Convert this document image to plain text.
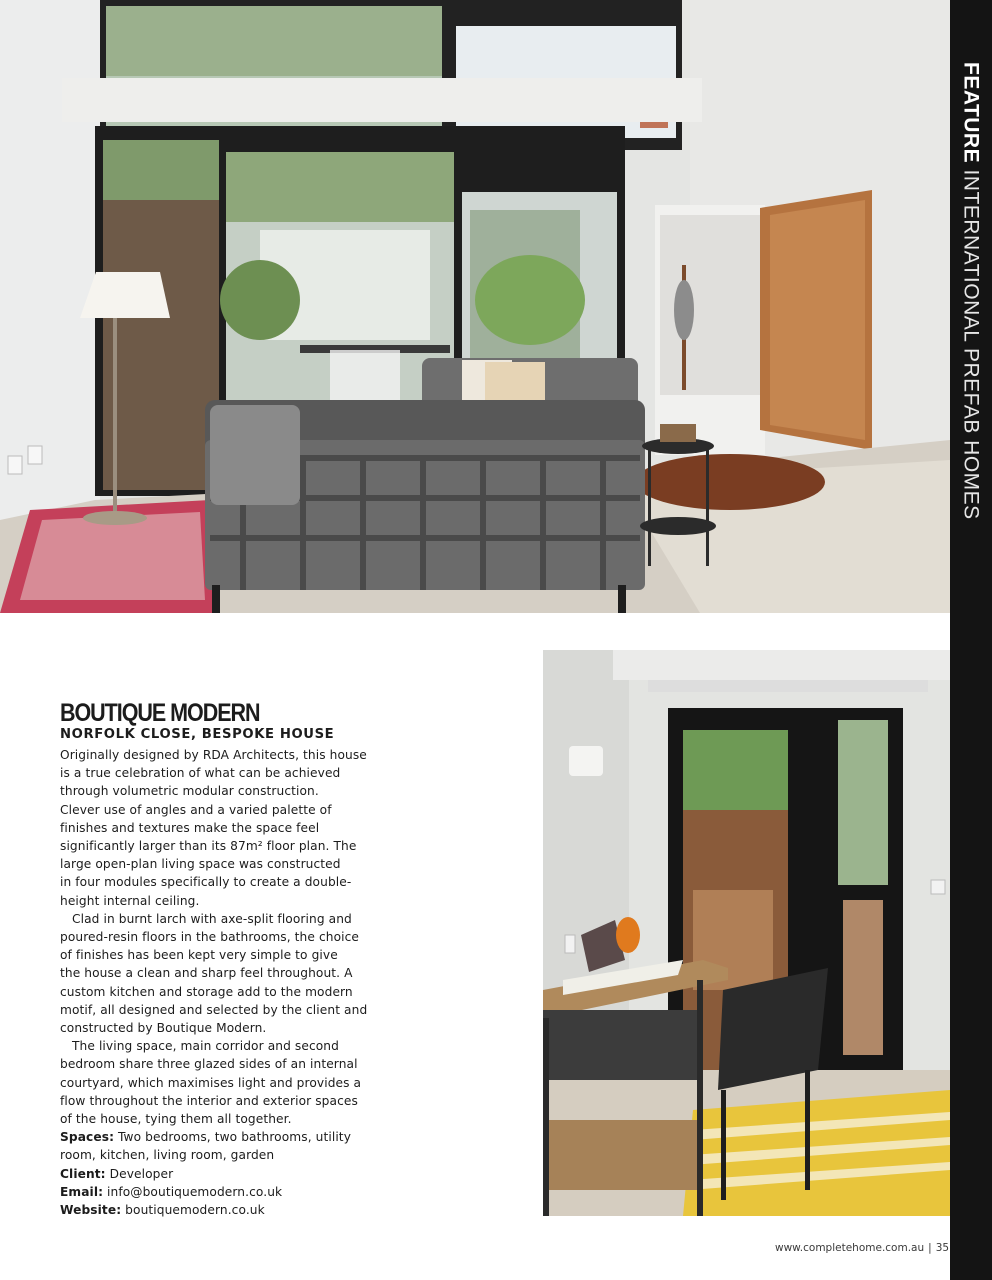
FEATURE INTERNATIONAL PREFAB HOMES
BOUTIQUE MODERN
NORFOLK CLOSE, BESPOKE HOUSE

Originally designed by RDA Architects, this house
is a true celebration of what can be achieved
through volumetric modular construction.
Clever use of angles and a varied palette of
finishes and textures make the space feel
significantly larger than its 87m² floor plan. The
large open-plan living space was constructed
in four modules specifically to create a double-
height internal ceiling.

Clad in burnt larch with axe-split flooring and
poured-resin floors in the bathrooms, the choice
of finishes has been kept very simple to give
the house a clean and sharp feel throughout. A
custom kitchen and storage add to the modern
motif, all designed and selected by the client and
constructed by Boutique Modern.

The living space, main corridor and second
bedroom share three glazed sides of an internal
courtyard, which maximises light and provides a
flow throughout the interior and exterior spaces
of the house, tying them all together.

Spaces: Two bedrooms, two bathrooms, utility

room, kitchen, living room, garden

Client: Developer

Email: info@boutiquemodern.co.uk

Website: boutiquemodern.co.uk

www.completehome.com.au | 35
